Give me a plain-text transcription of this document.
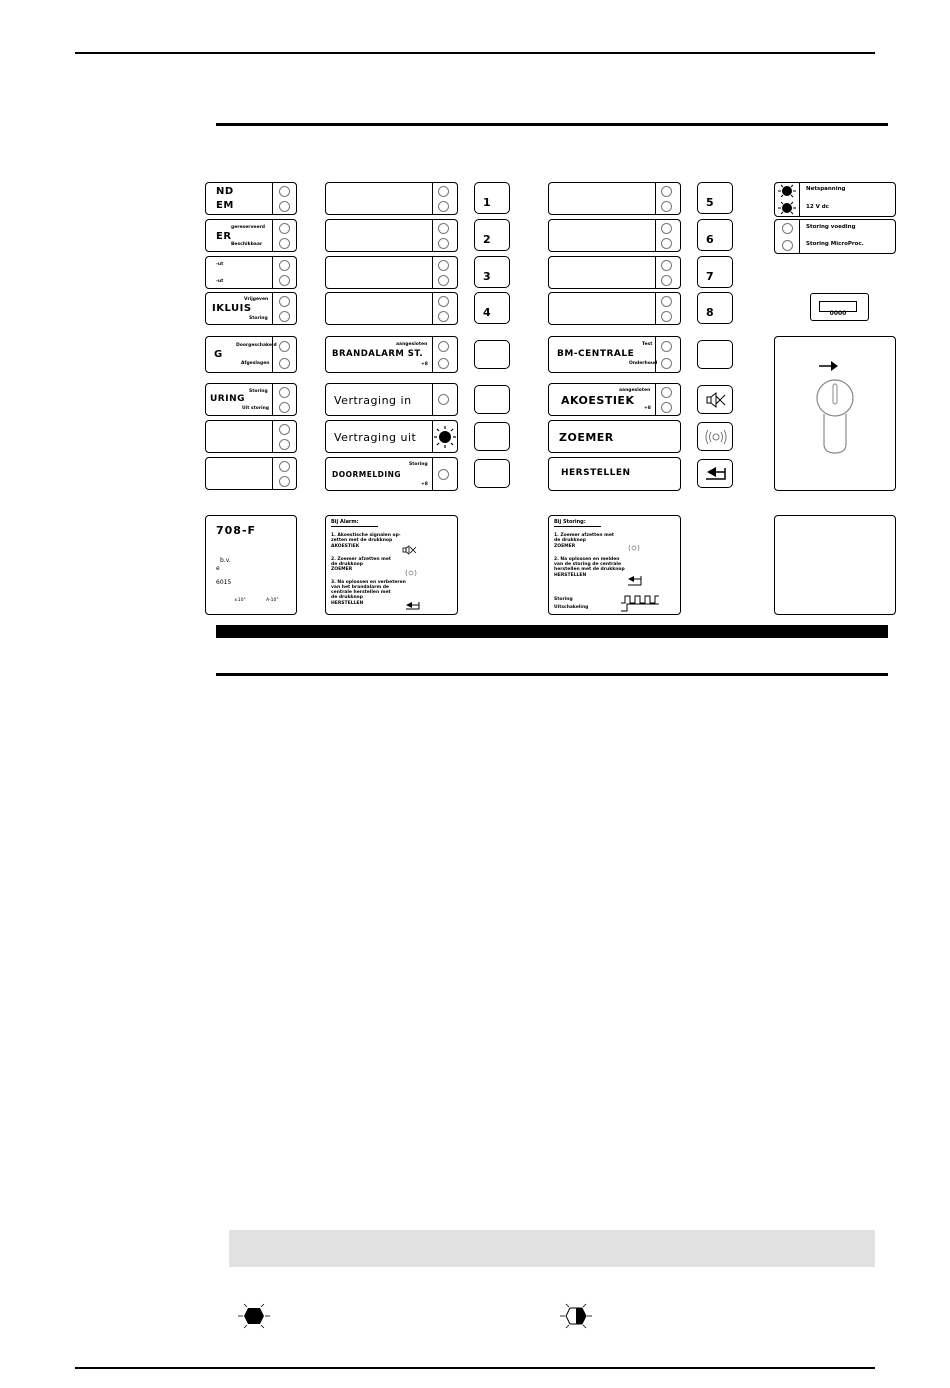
ND
EM
gereserveerd
ER
Beschikbaar
-ut
-ut
Vrijgeven
IKLUIS
Storing
Doorgeschakeld
G
Afgeslagen
Storing
URING
Uit storing
1
2
3
4
aangesloten
BRANDALARM ST.
+8
Vertraging in
Vertraging uit
Storing
DOORMELDING
+8
5
6
7
8
Test
BM-CENTRALE
Onderhoud
aangesloten
AKOESTIEK
+8
ZOEMER
HERSTELLEN
Netspanning
12 V dc
Storing voeding
Storing MicroProc.
0000
708-F
b.v.
e
6015
±10°	A-10°
Bij Alarm:
1. Akoestische signalen op-
zetten met de drukknop
AKOESTIEK
2. Zoemer afzetten met
de drukknop
ZOEMER
3. Na oplossen en verbeteren
van het brandalarm de
centrale herstellen met
de drukknop
HERSTELLEN
Bij Storing:
1. Zoemer afzetten met
de drukknop
ZOEMER
2. Na oplossen en melden
van de storing de centrale
herstellen met de drukknop
HERSTELLEN
Storing
Uitschakeling
